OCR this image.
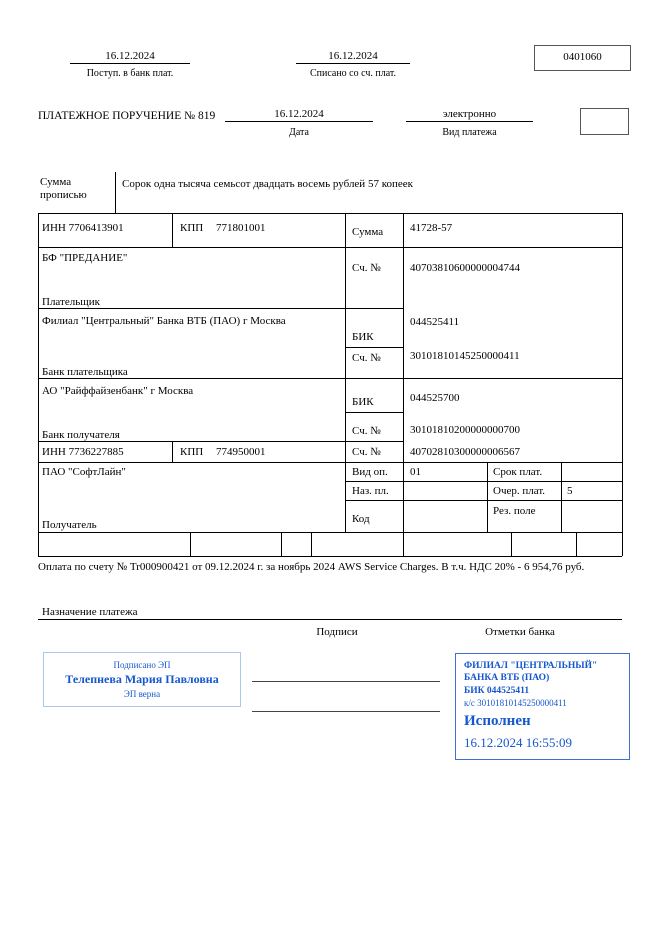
16.12.2024
Поступ. в банк плат.
16.12.2024
Списано со сч. плат.
0401060
ПЛАТЕЖНОЕ ПОРУЧЕНИЕ № 819	16.12.2024
Дата
электронно
Вид платежа
Сумма прописью
Сорок одна тысяча семьсот двадцать восемь рублей 57 копеек
ИНН 7706413901	КПП 771801001	Сумма 41728-57
БФ "ПРЕДАНИЕ"
Плательщик
Сч. №	40703810600000004744
Филиал "Центральный" Банка ВТБ (ПАО) г Москва
Банк плательщика
БИК
044525411
Сч. №	30101810145250000411
АО "Райффайзенбанк" г Москва
Банк получателя
БИК	044525700
Сч. №	30101810200000000700
ИНН 7736227885	КПП 774950001	Сч. №	40702810300000006567
ПАО "СофтЛайн"
Получатель
Вид оп. 01	Срок плат.
Наз. пл.	Очер. плат. 5
Код
Рез. поле
Оплата по счету № Tr000900421 от 09.12.2024 г. за ноябрь 2024 AWS Service Charges. В т.ч. НДС 20% - 6 954,76 руб.
Назначение платежа
Подписи	Отметки банка
Подписано ЭП
Телепнева Мария Павловна
ЭП верна
ФИЛИАЛ "ЦЕНТРАЛЬНЫЙ" БАНКА ВТБ (ПАО)
БИК 044525411
к/с 30101810145250000411
Исполнен
16.12.2024 16:55:09
